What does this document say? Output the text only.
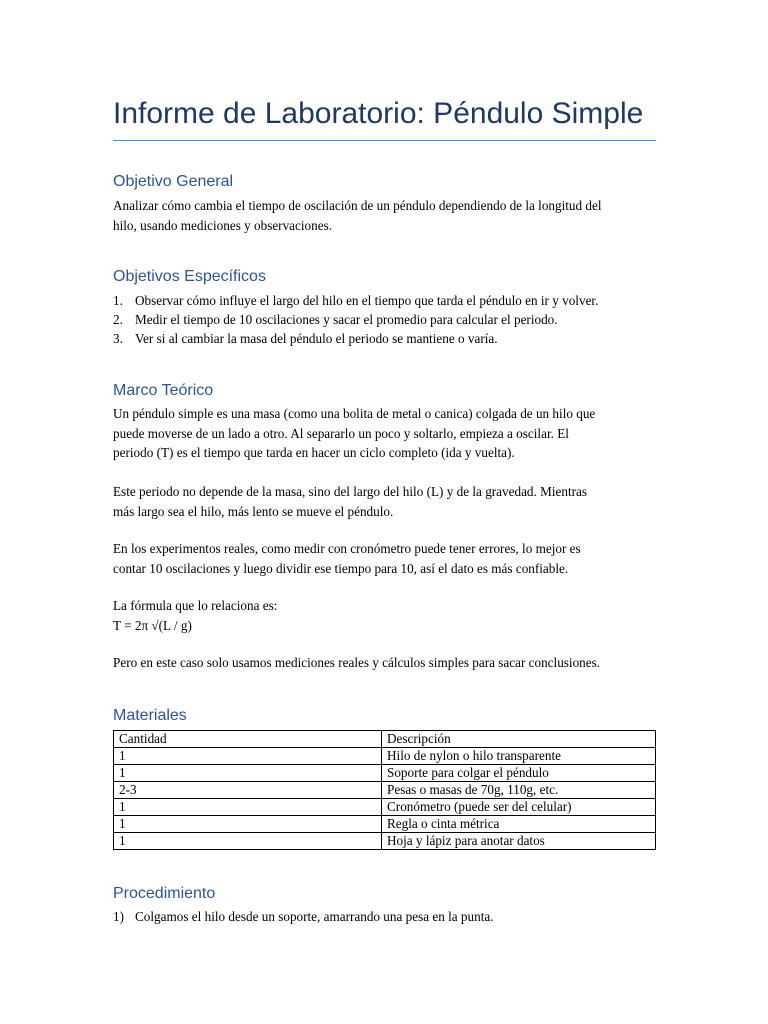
Informe de Laboratorio: Péndulo Simple
Objetivo General
Analizar cómo cambia el tiempo de oscilación de un péndulo dependiendo de la longitud del
hilo, usando mediciones y observaciones.
Objetivos Específicos
1. Observar cómo influye el largo del hilo en el tiempo que tarda el péndulo en ir y volver.
2. Medir el tiempo de 10 oscilaciones y sacar el promedio para calcular el periodo.
3. Ver si al cambiar la masa del péndulo el periodo se mantiene o varía.
Marco Teórico
Un péndulo simple es una masa (como una bolita de metal o canica) colgada de un hilo que
puede moverse de un lado a otro. Al separarlo un poco y soltarlo, empieza a oscilar. El
periodo (T) es el tiempo que tarda en hacer un ciclo completo (ida y vuelta).
Este periodo no depende de la masa, sino del largo del hilo (L) y de la gravedad. Mientras
más largo sea el hilo, más lento se mueve el péndulo.
En los experimentos reales, como medir con cronómetro puede tener errores, lo mejor es
contar 10 oscilaciones y luego dividir ese tiempo para 10, así el dato es más confiable.
La fórmula que lo relaciona es:
T = 2π √(L / g)
Pero en este caso solo usamos mediciones reales y cálculos simples para sacar conclusiones.
Materiales
Cantidad	Descripción
1	Hilo de nylon o hilo transparente
1	Soporte para colgar el péndulo
2-3	Pesas o masas de 70g, 110g, etc.
1	Cronómetro (puede ser del celular)
1	Regla o cinta métrica
1	Hoja y lápiz para anotar datos
Procedimiento
1) Colgamos el hilo desde un soporte, amarrando una pesa en la punta.
